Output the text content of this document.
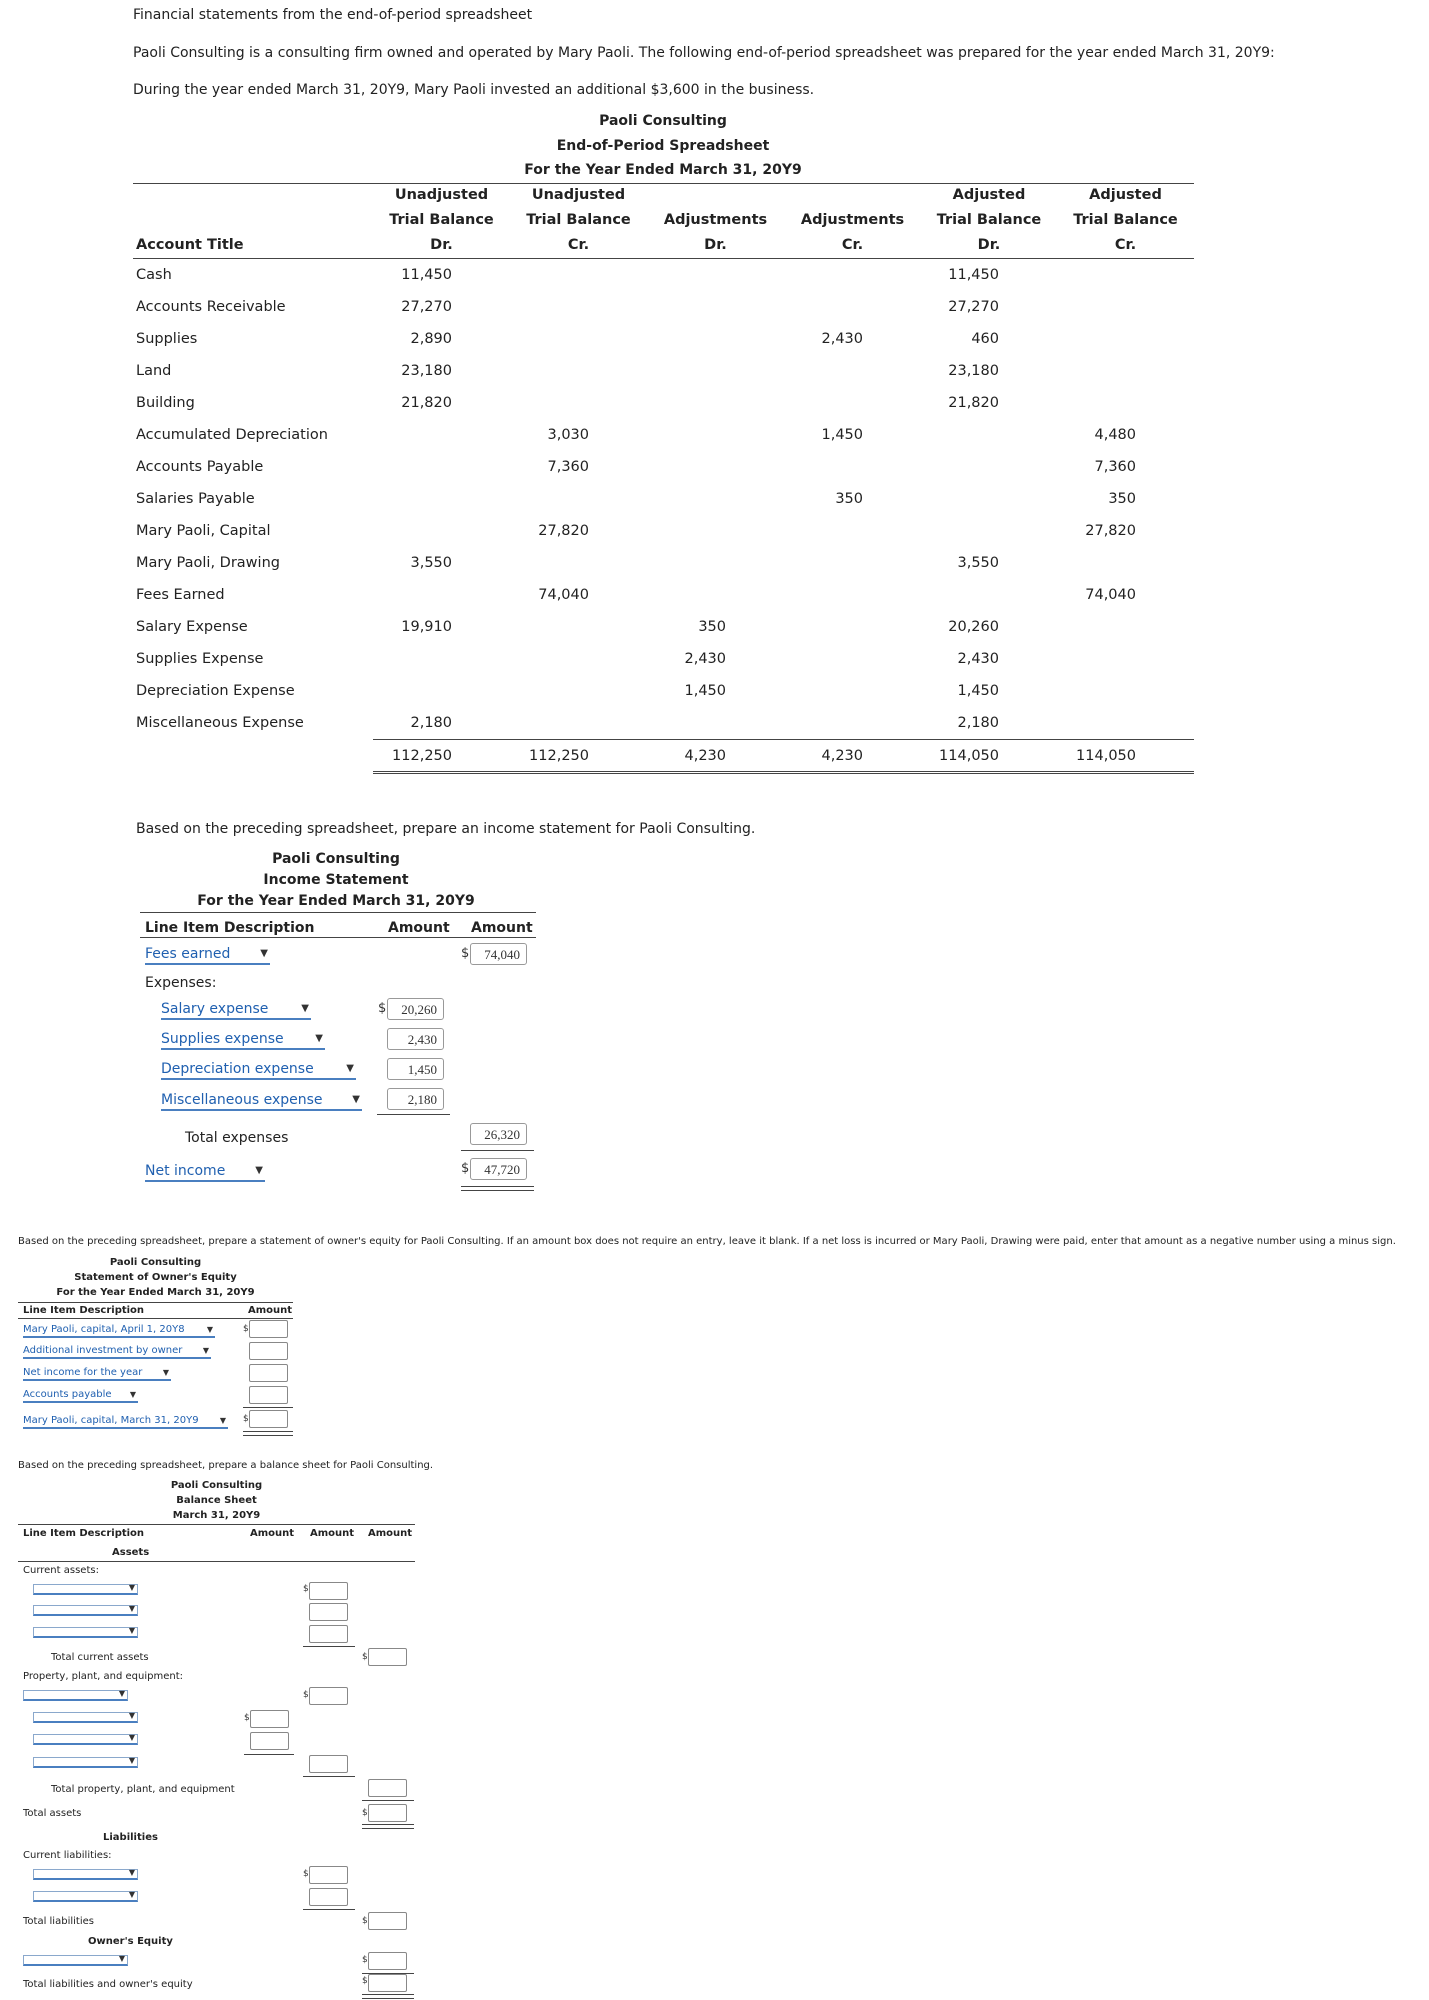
Financial statements from the end-of-period spreadsheet
Paoli Consulting is a consulting firm owned and operated by Mary Paoli. The following end-of-period spreadsheet was prepared for the year ended March 31, 20Y9:
During the year ended March 31, 20Y9, Mary Paoli invested an additional $3,600 in the business.
Paoli Consulting
End-of-Period Spreadsheet
For the Year Ended March 31, 20Y9
	Unadjusted	Unadjusted			Adjusted	Adjusted
	Trial Balance	Trial Balance	Adjustments	Adjustments	Trial Balance	Trial Balance
Account Title	Dr.	Cr.	Dr.	Cr.	Dr.	Cr.
Cash	11,450				11,450	
Accounts Receivable	27,270				27,270	
Supplies	2,890			2,430	460	
Land	23,180				23,180	
Building	21,820				21,820	
Accumulated Depreciation		3,030		1,450		4,480
Accounts Payable		7,360				7,360
Salaries Payable				350		350
Mary Paoli, Capital		27,820				27,820
Mary Paoli, Drawing	3,550				3,550	
Fees Earned		74,040				74,040
Salary Expense	19,910		350		20,260	
Supplies Expense			2,430		2,430	
Depreciation Expense			1,450		1,450	
Miscellaneous Expense	2,180				2,180	
	112,250	112,250	4,230	4,230	114,050	114,050
Based on the preceding spreadsheet, prepare an income statement for Paoli Consulting.
Paoli Consulting
Income Statement
For the Year Ended March 31, 20Y9
Line Item Description	Amount Amount
Fees earned	▼	$	74,040
Expenses:
Salary expense	▼	$	20,260
Supplies expense	▼	2,430
Depreciation expense	▼	1,450
Miscellaneous expense	▼	2,180
Total expenses	26,320
Net income	▼	$	47,720
Based on the preceding spreadsheet, prepare a statement of owner's equity for Paoli Consulting. If an amount box does not require an entry, leave it blank. If a net loss is incurred or Mary Paoli, Drawing were paid, enter that amount as a negative number using a minus sign.
Paoli Consulting
Statement of Owner's Equity
For the Year Ended March 31, 20Y9
Line Item Description	Amount
Mary Paoli, capital, April 1, 20Y8	▼	$
Additional investment by owner	▼
Net income for the year	▼
Accounts payable ▼
Mary Paoli, capital, March 31, 20Y9	▼ $
Based on the preceding spreadsheet, prepare a balance sheet for Paoli Consulting.
Paoli Consulting
Balance Sheet
March 31, 20Y9
Line Item Description	Amount Amount Amount
Assets
Current assets:
▼	$
▼
▼
Total current assets	$
Property, plant, and equipment:
▼	$
▼	$
▼
▼
Total property, plant, and equipment
Total assets	$
Liabilities
Current liabilities:
▼	$
▼
Total liabilities	$
Owner's Equity
▼	$
Total liabilities and owner's equity	$
